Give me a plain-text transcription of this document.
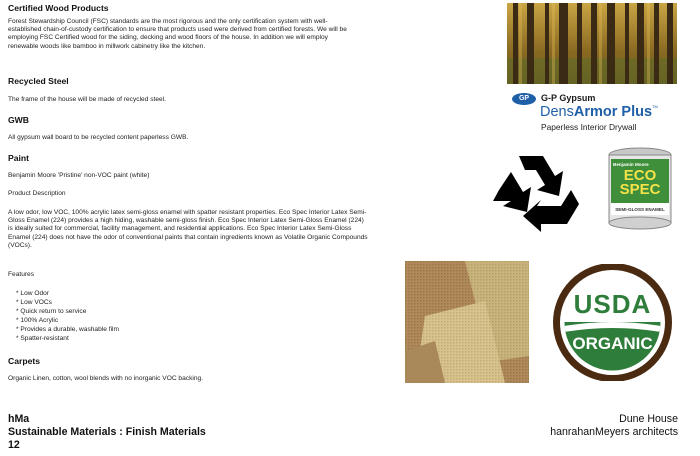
Certified Wood Products

Forest Stewardship Council (FSC) standards are the most rigorous and the only certification system with well-established chain-of-custody certification to ensure that products used were derived from certified forests. We will be employing FSC Certified wood for the siding, decking and wood floors of the house. In addition we will employ renewable woods like bamboo in millwork cabinetry like the kitchen.

Recycled Steel

The frame of the house will be made of recycled steel.

GWB

All gypsum wall board to be recycled content paperless GWB.

Paint

Benjamin Moore 'Pristine' non-VOC paint (white)

Product Description

A low odor, low VOC, 100% acrylic latex semi-gloss enamel with spatter resistant properties. Eco Spec Interior Latex Semi-Gloss Enamel (224) provides a high hiding, washable semi-gloss finish. Eco Spec Interior Latex Semi-Gloss Enamel (224) is ideally suited for commercial, facility management, and residential applications. Eco Spec Interior Latex Semi-Gloss Enamel (224) does not have the odor of conventional paints that contain ingredients known as Volatile Organic Compounds (VOCs).

Features

* Low Odor
* Low VOCs
* Quick return to service
* 100% Acrylic
* Provides a durable, washable film
* Spatter-resistant
Carpets

Organic Linen, cotton, wool blends with no inorganic VOC backing.

hMa
Sustainable Materials : Finish Materials
12
Dune House
hanrahanMeyers architects
GP	G-P Gypsum
DensArmor Plus™
Paperless Interior Drywall
Benjamin Moore
ECO
SPEC
SEMI-GLOSS ENAMEL
USDA
ORGANIC
